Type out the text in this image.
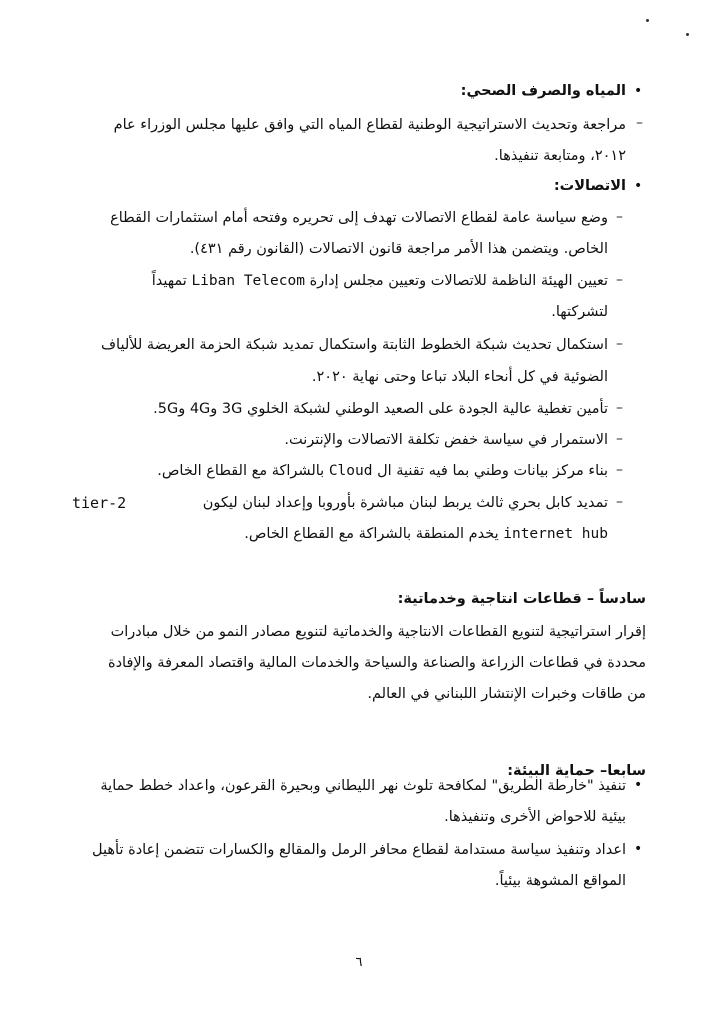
•
المياه والصرف الصحي:
–
مراجعة وتحديث الاستراتيجية الوطنية لقطاع المياه التي وافق عليها مجلس الوزراء عام
٢٠١٢، ومتابعة تنفيذها.
•
الاتصالات:
–
وضع سياسة عامة لقطاع الاتصالات تهدف إلى تحريره وفتحه أمام استثمارات القطاع
الخاص. ويتضمن هذا الأمر مراجعة قانون الاتصالات (القانون رقم ٤٣١).
–
تعيين الهيئة الناظمة للاتصالات وتعيين مجلس إدارة Liban Telecom تمهيداً
لتشركتها.
–
استكمال تحديث شبكة الخطوط الثابتة واستكمال تمديد شبكة الحزمة العريضة للألياف
الضوئية في كل أنحاء البلاد تباعا وحتى نهاية ٢٠٢٠.
–
تأمين تغطية عالية الجودة على الصعيد الوطني لشبكة الخلوي 3G و4G و5G.
–
الاستمرار في سياسة خفض تكلفة الاتصالات والإنترنت.
–
بناء مركز بيانات وطني بما فيه تقنية ال Cloud بالشراكة مع القطاع الخاص.
–
تمديد كابل بحري ثالث يربط لبنان مباشرة بأوروبا وإعداد لبنان ليكون
tier-2
internet hub يخدم المنطقة بالشراكة مع القطاع الخاص.
سادساً – قطاعات انتاجية وخدماتية:
إقرار استراتيجية لتنويع القطاعات الانتاجية والخدماتية لتنويع مصادر النمو من خلال مبادرات
محددة في قطاعات الزراعة والصناعة والسياحة والخدمات المالية واقتصاد المعرفة والإفادة
من طاقات وخبرات الإنتشار اللبناني في العالم.
سابعا– حماية البيئة:
•
تنفيذ "خارطة الطريق" لمكافحة تلوث نهر الليطاني وبحيرة القرعون، واعداد خطط حماية
بيئية للاحواض الأخرى وتنفيذها.
•
اعداد وتنفيذ سياسة مستدامة لقطاع محافر الرمل والمقالع والكسارات تتضمن إعادة تأهيل
المواقع المشوهة بيئياً.
٦
